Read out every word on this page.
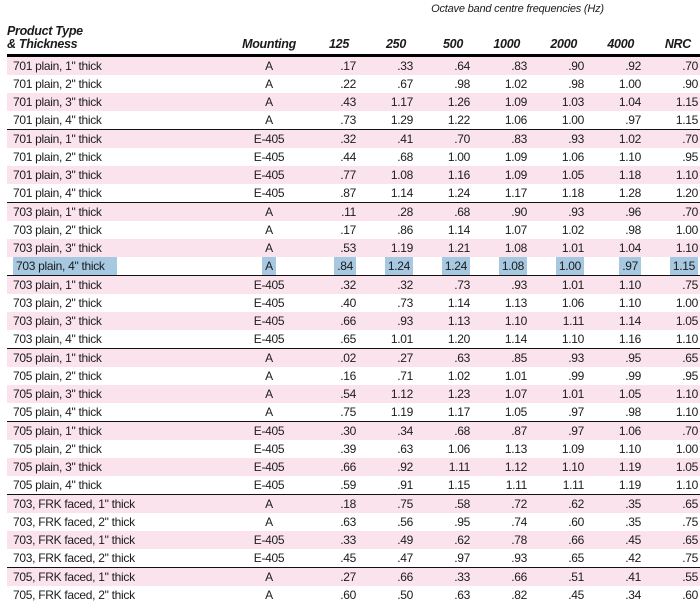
Octave band centre frequencies (Hz)
Product Type
& Thickness	Mounting	125	250	500	1000	2000	4000	NRC
701 plain, 1" thick	A	.17	.33	.64	.83	.90	.92	.70
701 plain, 2" thick	A	.22	.67	.98	1.02	.98	1.00	.90
701 plain, 3" thick	A	.43	1.17	1.26	1.09	1.03	1.04	1.15
701 plain, 4" thick	A	.73	1.29	1.22	1.06	1.00	.97	1.15
701 plain, 1" thick	E-405	.32	.41	.70	.83	.93	1.02	.70
701 plain, 2" thick	E-405	.44	.68	1.00	1.09	1.06	1.10	.95
701 plain, 3" thick	E-405	.77	1.08	1.16	1.09	1.05	1.18	1.10
701 plain, 4" thick	E-405	.87	1.14	1.24	1.17	1.18	1.28	1.20
703 plain, 1" thick	A	.11	.28	.68	.90	.93	.96	.70
703 plain, 2" thick	A	.17	.86	1.14	1.07	1.02	.98	1.00
703 plain, 3" thick	A	.53	1.19	1.21	1.08	1.01	1.04	1.10
703 plain, 4" thick	A	.84	1.24	1.24	1.08	1.00	.97	1.15
703 plain, 1" thick	E-405	.32	.32	.73	.93	1.01	1.10	.75
703 plain, 2" thick	E-405	.40	.73	1.14	1.13	1.06	1.10	1.00
703 plain, 3" thick	E-405	.66	.93	1.13	1.10	1.11	1.14	1.05
703 plain, 4" thick	E-405	.65	1.01	1.20	1.14	1.10	1.16	1.10
705 plain, 1" thick	A	.02	.27	.63	.85	.93	.95	.65
705 plain, 2" thick	A	.16	.71	1.02	1.01	.99	.99	.95
705 plain, 3" thick	A	.54	1.12	1.23	1.07	1.01	1.05	1.10
705 plain, 4" thick	A	.75	1.19	1.17	1.05	.97	.98	1.10
705 plain, 1" thick	E-405	.30	.34	.68	.87	.97	1.06	.70
705 plain, 2" thick	E-405	.39	.63	1.06	1.13	1.09	1.10	1.00
705 plain, 3" thick	E-405	.66	.92	1.11	1.12	1.10	1.19	1.05
705 plain, 4" thick	E-405	.59	.91	1.15	1.11	1.11	1.19	1.10
703, FRK faced, 1" thick	A	.18	.75	.58	.72	.62	.35	.65
703, FRK faced, 2" thick	A	.63	.56	.95	.74	.60	.35	.75
703, FRK faced, 1" thick	E-405	.33	.49	.62	.78	.66	.45	.65
703, FRK faced, 2" thick	E-405	.45	.47	.97	.93	.65	.42	.75
705, FRK faced, 1" thick	A	.27	.66	.33	.66	.51	.41	.55
705, FRK faced, 2" thick	A	.60	.50	.63	.82	.45	.34	.60
